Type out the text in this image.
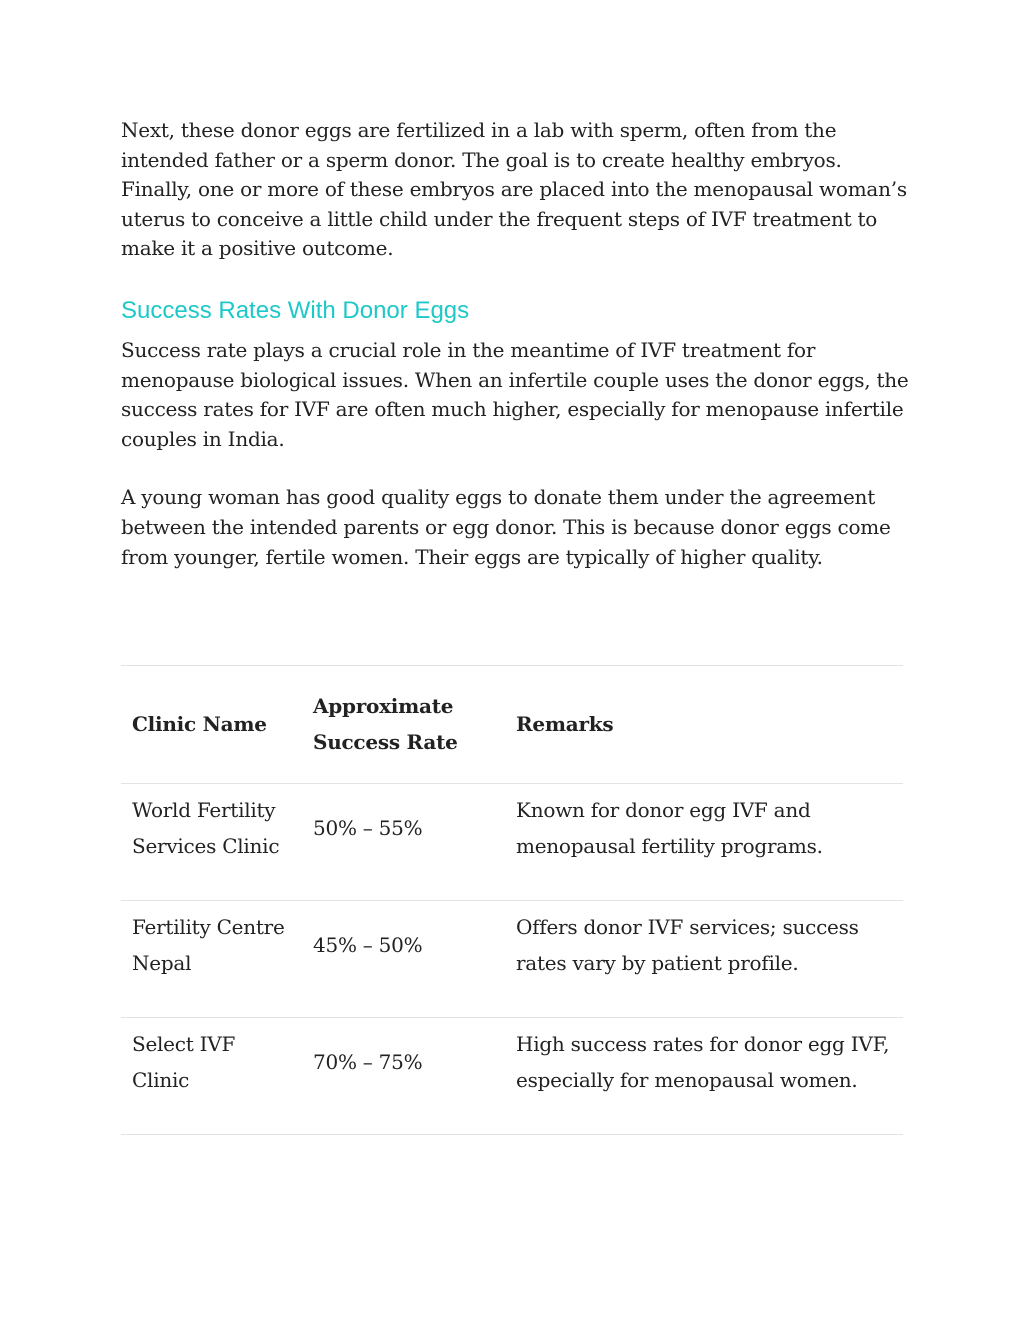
Next, these donor eggs are fertilized in a lab with sperm, often from the intended father or a sperm donor. The goal is to create healthy embryos. Finally, one or more of these embryos are placed into the menopausal woman’s uterus to conceive a little child under the frequent steps of IVF treatment to make it a positive outcome.

Success Rates With Donor Eggs

Success rate plays a crucial role in the meantime of IVF treatment for menopause biological issues. When an infertile couple uses the donor eggs, the success rates for IVF are often much higher, especially for menopause infertile couples in India.

A young woman has good quality eggs to donate them under the agreement between the intended parents or egg donor. This is because donor eggs come from younger, fertile women. Their eggs are typically of higher quality.

Clinic Name
Approximate Success Rate
Remarks
World Fertility Services Clinic
50% – 55%
Known for donor egg IVF and menopausal fertility programs.
Fertility Centre Nepal
45% – 50%
Offers donor IVF services; success rates vary by patient profile.
Select IVF Clinic
70% – 75%
High success rates for donor egg IVF, especially for menopausal women.
